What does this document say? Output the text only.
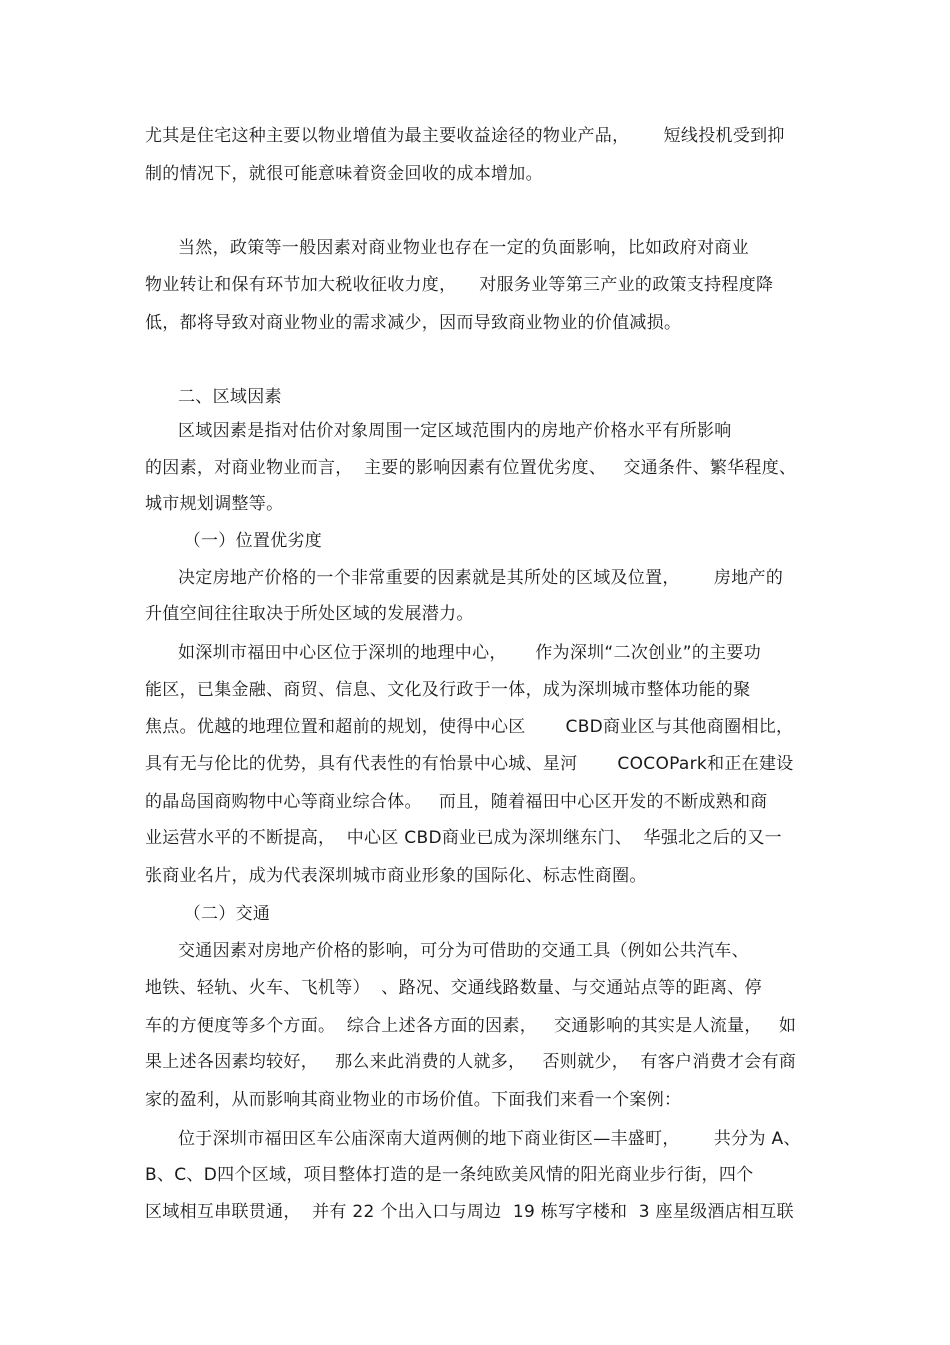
尤其是住宅这种主要以物业增值为最主要收益途径的物业产品，      短线投机受到抑
制的情况下，就很可能意味着资金回收的成本增加。
当然，政策等一般因素对商业物业也存在一定的负面影响，比如政府对商业
物业转让和保有环节加大税收征收力度，    对服务业等第三产业的政策支持程度降
低，都将导致对商业物业的需求减少，因而导致商业物业的价值减损。
二、区域因素
区域因素是指对估价对象周围一定区域范围内的房地产价格水平有所影响
的因素，对商业物业而言，  主要的影响因素有位置优劣度、   交通条件、繁华程度、
城市规划调整等。
（一）位置优劣度
决定房地产价格的一个非常重要的因素就是其所处的区域及位置，      房地产的
升值空间往往取决于所处区域的发展潜力。
如深圳市福田中心区位于深圳的地理中心，     作为深圳“二次创业”的主要功
能区，已集金融、商贸、信息、文化及行政于一体，成为深圳城市整体功能的聚
焦点。优越的地理位置和超前的规划，使得中心区       CBD商业区与其他商圈相比，
具有无与伦比的优势，具有代表性的有怡景中心城、星河       COCOPark和正在建设
的晶岛国商购物中心等商业综合体。   而且，随着福田中心区开发的不断成熟和商
业运营水平的不断提高，  中心区 CBD商业已成为深圳继东门、  华强北之后的又一
张商业名片，成为代表深圳城市商业形象的国际化、标志性商圈。
（二）交通
交通因素对房地产价格的影响，可分为可借助的交通工具（例如公共汽车、
地铁、轻轨、火车、飞机等）  、路况、交通线路数量、与交通站点等的距离、停
车的方便度等多个方面。  综合上述各方面的因素，   交通影响的其实是人流量，   如
果上述各因素均较好，   那么来此消费的人就多，   否则就少，  有客户消费才会有商
家的盈利，从而影响其商业物业的市场价值。下面我们来看一个案例：
位于深圳市福田区车公庙深南大道两侧的地下商业街区—丰盛町，      共分为 A、
B、C、D四个区域，项目整体打造的是一条纯欧美风情的阳光商业步行街，四个
区域相互串联贯通，  并有 22 个出入口与周边  19 栋写字楼和  3 座星级酒店相互联
